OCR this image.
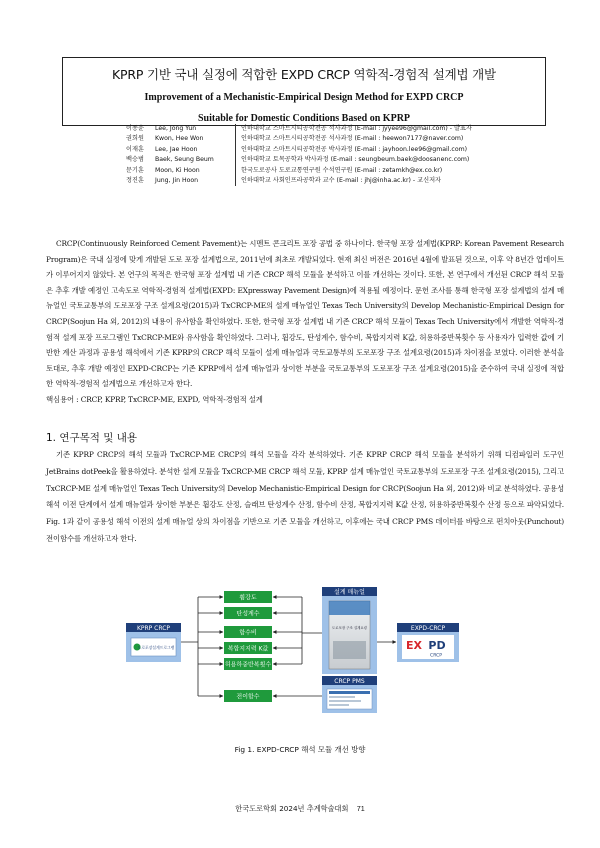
KPRP 기반 국내 실정에 적합한 EXPD CRCP 역학적-경험적 설계법 개발
Improvement of a Mechanistic-Empirical Design Method for EXPD CRCP
Suitable for Domestic Conditions Based on KPRP
이종윤	Lee, Jong Yun	인하대학교 스마트시티공학전공 석사과정 (E-mail : jyyee96@gmail.com) - 발표자
권희원	Kwon, Hee Won	인하대학교 스마트시티공학전공 석사과정 (E-mail : heewon7177@naver.com)
이재훈	Lee, Jae Hoon	인하대학교 스마트시티공학전공 박사과정 (E-mail : jayhoon.lee96@gmail.com)
백승범	Baek, Seung Beum	인하대학교 토목공학과 박사과정 (E-mail : seungbeum.baek@doosanenc.com)
문기훈	Moon, Ki Hoon	한국도로공사 도로교통연구원 수석연구원 (E-mail : zetamkh@ex.co.kr)
정진훈	Jung, Jin Hoon	인하대학교 사회인프라공학과 교수 (E-mail : jhj@inha.ac.kr) - 교신저자

CRCP(Continuously Reinforced Cement Pavement)는 시멘트 콘크리트 포장 공법 중 하나이다. 한국형 포장 설계법(KPRP: Korean Pavement Research Program)은 국내 실정에 맞게 개발된 도로 포장 설계법으로, 2011년에 최초로 개발되었다. 현재 최신 버전은 2016년 4월에 발표된 것으로, 이후 약 8년간 업데이트가 이루어지지 않았다. 본 연구의 목적은 한국형 포장 설계법 내 기존 CRCP 해석 모듈을 분석하고 이를 개선하는 것이다. 또한, 본 연구에서 개선된 CRCP 해석 모듈은 추후 개발 예정인 고속도로 역학적-경험적 설계법(EXPD: EXpressway Pavement Design)에 적용될 예정이다. 문헌 조사를 통해 한국형 포장 설계법의 설계 매뉴얼인 국토교통부의 도로포장 구조 설계요령(2015)과 TxCRCP-ME의 설계 매뉴얼인 Texas Tech University의 Develop Mechanistic-Empirical Design for CRCP(Soojun Ha 외, 2012)의 내용이 유사함을 확인하였다. 또한, 한국형 포장 설계법 내 기존 CRCP 해석 모듈이 Texas Tech University에서 개발한 역학적-경험적 설계 포장 프로그램인 TxCRCP-ME와 유사함을 확인하였다. 그러나, 휨강도, 탄성계수, 함수비, 복합지지력 K값, 허용하중반복횟수 등 사용자가 입력한 값에 기반한 계산 과정과 공용성 해석에서 기존 KPRP의 CRCP 해석 모듈이 설계 매뉴얼과 국토교통부의 도로포장 구조 설계요령(2015)과 차이점을 보였다. 이러한 분석을 토대로, 추후 개발 예정인 EXPD-CRCP는 기존 KPRP에서 설계 매뉴얼과 상이한 부분을 국토교통부의 도로포장 구조 설계요령(2015)을 준수하여 국내 실정에 적합한 역학적-경험적 설계법으로 개선하고자 한다.

핵심용어 : CRCP, KPRP, TxCRCP-ME, EXPD, 역학적-경험적 설계
1. 연구목적 및 내용
기존 KPRP CRCP의 해석 모듈과 TxCRCP-ME CRCP의 해석 모듈을 각각 분석하였다. 기존 KPRP CRCP 해석 모듈을 분석하기 위해 디컴파일러 도구인 JetBrains dotPeek을 활용하였다. 분석한 설계 모듈을 TxCRCP-ME CRCP 해석 모듈, KPRP 설계 매뉴얼인 국토교통부의 도로포장 구조 설계요령(2015), 그리고 TxCRCP-ME 설계 매뉴얼인 Texas Tech University의 Develop Mechanistic-Empirical Design for CRCP(Soojun Ha 외, 2012)와 비교 분석하였다. 공용성 해석 이전 단계에서 설계 매뉴얼과 상이한 부분은 휨강도 산정, 슬래브 탄성계수 산정, 함수비 산정, 복합지지력 K값 산정, 허용하중반복횟수 산정 등으로 파악되었다. Fig. 1과 같이 공용성 해석 이전의 설계 매뉴얼 상의 차이점을 기반으로 기존 모듈을 개선하고, 이후에는 국내 CRCP PMS 데이터를 바탕으로 펀치아웃(Punchout) 전이함수를 개선하고자 한다.
KPRP CRCP
도로포장설계프로그램
휨강도
탄성계수
함수비
복합지지력 K값
허용하중반복횟수
전이함수
설계 매뉴얼
도로포장 구조 설계요령
CRCP PMS
EXPD-CRCP
EX PD
CRCP
Fig 1. EXPD-CRCP 해석 모듈 개선 방향
한국도로학회 2024년 추계학술대회 71
